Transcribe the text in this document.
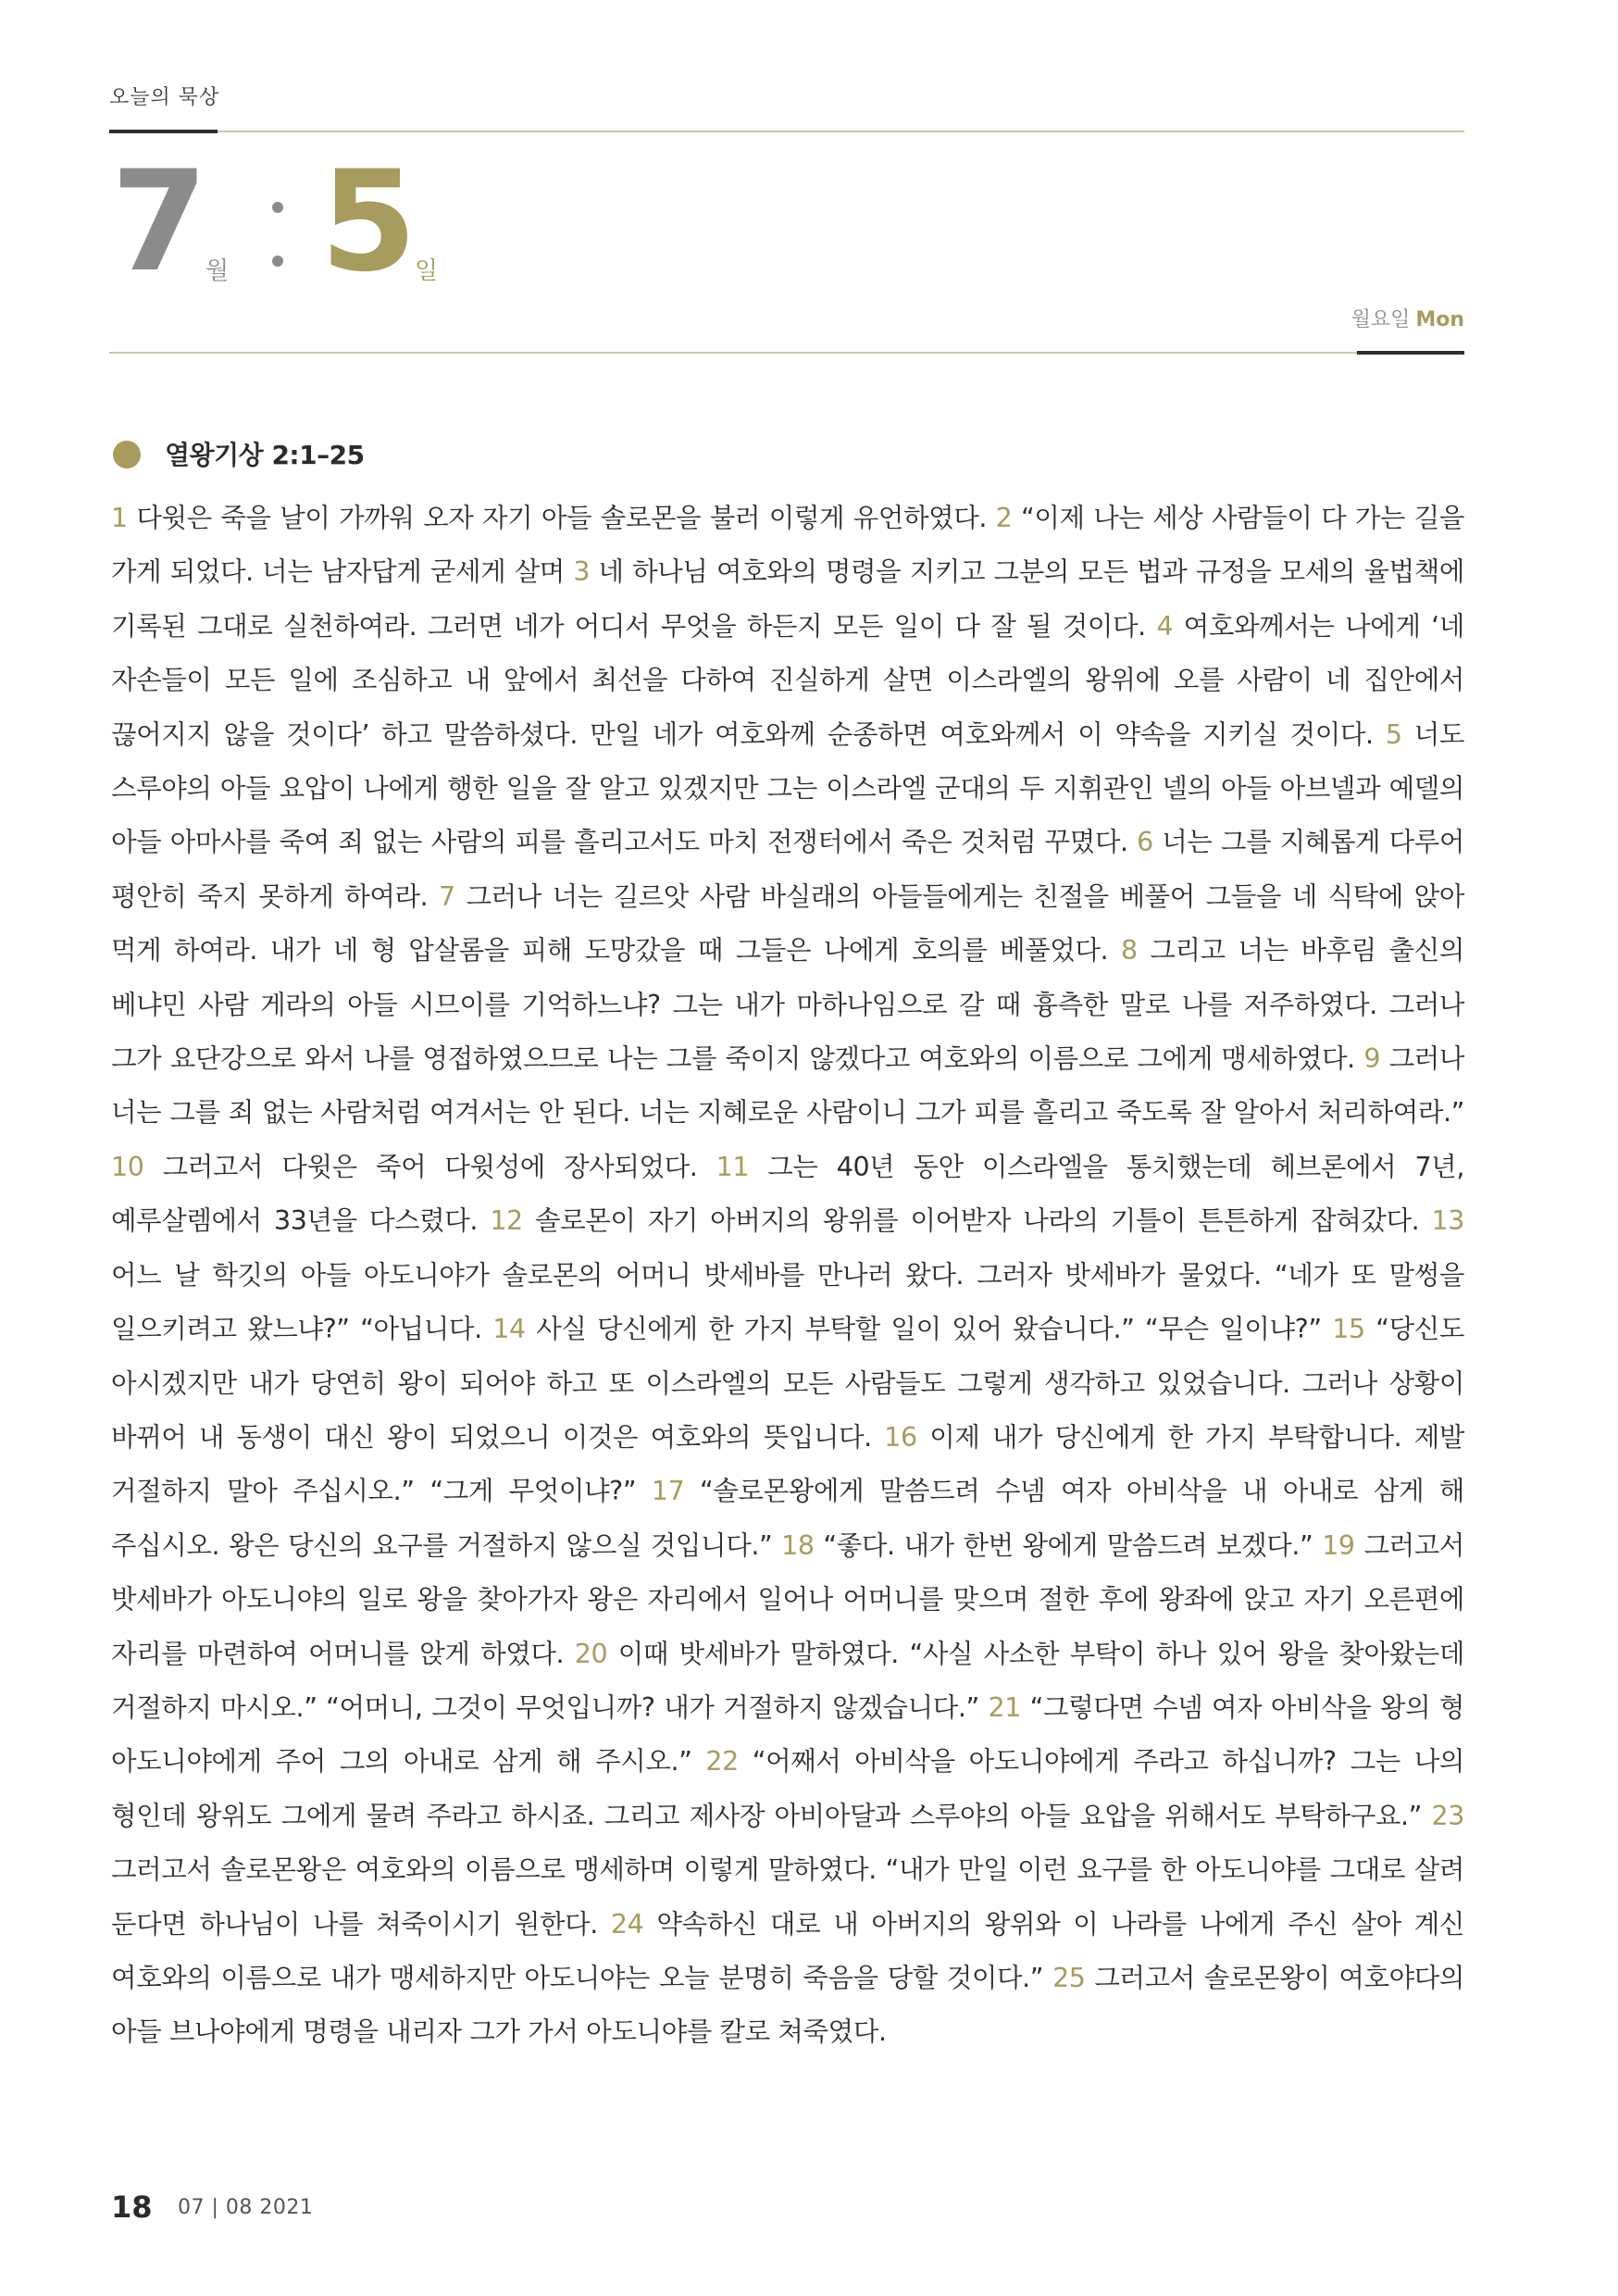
오늘의 묵상
7
월 5
일
월요일 Mon
열왕기상 2:1–25
1 다윗은 죽을 날이 가까워 오자 자기 아들 솔로몬을 불러 이렇게 유언하였다. 2 “이제 나는 세상 사람들이 다 가는 길을 가게 되었다. 너는 남자답게 굳세게 살며 3 네 하나님 여호와의 명령을 지키고 그분의 모든 법과 규정을 모세의 율법책에 기록된 그대로 실천하여라. 그러면 네가 어디서 무엇을 하든지 모든 일이 다 잘 될 것이다. 4 여호와께서는 나에게 ‘네 자손들이 모든 일에 조심하고 내 앞에서 최선을 다하여 진실하게 살면 이스라엘의 왕위에 오를 사람이 네 집안에서 끊어지지 않을 것이다’ 하고 말씀하셨다. 만일 네가 여호와께 순종하면 여호와께서 이 약속을 지키실 것이다. 5 너도 스루야의 아들 요압이 나에게 행한 일을 잘 알고 있겠지만 그는 이스라엘 군대의 두 지휘관인 넬의 아들 아브넬과 예델의 아들 아마사를 죽여 죄 없는 사람의 피를 흘리고서도 마치 전쟁터에서 죽은 것처럼 꾸몄다. 6 너는 그를 지혜롭게 다루어 평안히 죽지 못하게 하여라. 7 그러나 너는 길르앗 사람 바실래의 아들들에게는 친절을 베풀어 그들을 네 식탁에 앉아 먹게 하여라. 내가 네 형 압살롬을 피해 도망갔을 때 그들은 나에게 호의를 베풀었다. 8 그리고 너는 바후림 출신의 베냐민 사람 게라의 아들 시므이를 기억하느냐? 그는 내가 마하나임으로 갈 때 흉측한 말로 나를 저주하였다. 그러나 그가 요단강으로 와서 나를 영접하였으므로 나는 그를 죽이지 않겠다고 여호와의 이름으로 그에게 맹세하였다. 9 그러나 너는 그를 죄 없는 사람처럼 여겨서는 안 된다. 너는 지혜로운 사람이니 그가 피를 흘리고 죽도록 잘 알아서 처리하여라.” 10 그러고서 다윗은 죽어 다윗성에 장사되었다. 11 그는 40년 동안 이스라엘을 통치했는데 헤브론에서 7년, 예루살렘에서 33년을 다스렸다. 12 솔로몬이 자기 아버지의 왕위를 이어받자 나라의 기틀이 튼튼하게 잡혀갔다. 13 어느 날 학깃의 아들 아도니야가 솔로몬의 어머니 밧세바를 만나러 왔다. 그러자 밧세바가 물었다. “네가 또 말썽을 일으키려고 왔느냐?” “아닙니다. 14 사실 당신에게 한 가지 부탁할 일이 있어 왔습니다.” “무슨 일이냐?” 15 “당신도 아시겠지만 내가 당연히 왕이 되어야 하고 또 이스라엘의 모든 사람들도 그렇게 생각하고 있었습니다. 그러나 상황이 바뀌어 내 동생이 대신 왕이 되었으니 이것은 여호와의 뜻입니다. 16 이제 내가 당신에게 한 가지 부탁합니다. 제발 거절하지 말아 주십시오.” “그게 무엇이냐?” 17 “솔로몬왕에게 말씀드려 수넴 여자 아비삭을 내 아내로 삼게 해 주십시오. 왕은 당신의 요구를 거절하지 않으실 것입니다.” 18 “좋다. 내가 한번 왕에게 말씀드려 보겠다.” 19 그러고서 밧세바가 아도니야의 일로 왕을 찾아가자 왕은 자리에서 일어나 어머니를 맞으며 절한 후에 왕좌에 앉고 자기 오른편에 자리를 마련하여 어머니를 앉게 하였다. 20 이때 밧세바가 말하였다. “사실 사소한 부탁이 하나 있어 왕을 찾아왔는데 거절하지 마시오.” “어머니, 그것이 무엇입니까? 내가 거절하지 않겠습니다.” 21 “그렇다면 수넴 여자 아비삭을 왕의 형 아도니야에게 주어 그의 아내로 삼게 해 주시오.” 22 “어째서 아비삭을 아도니야에게 주라고 하십니까? 그는 나의 형인데 왕위도 그에게 물려 주라고 하시죠. 그리고 제사장 아비아달과 스루야의 아들 요압을 위해서도 부탁하구요.” 23 그러고서 솔로몬왕은 여호와의 이름으로 맹세하며 이렇게 말하였다. “내가 만일 이런 요구를 한 아도니야를 그대로 살려 둔다면 하나님이 나를 쳐죽이시기 원한다. 24 약속하신 대로 내 아버지의 왕위와 이 나라를 나에게 주신 살아 계신 여호와의 이름으로 내가 맹세하지만 아도니야는 오늘 분명히 죽음을 당할 것이다.” 25 그러고서 솔로몬왕이 여호야다의 아들 브나야에게 명령을 내리자 그가 가서 아도니야를 칼로 쳐죽였다.
18 07 | 08 2021
